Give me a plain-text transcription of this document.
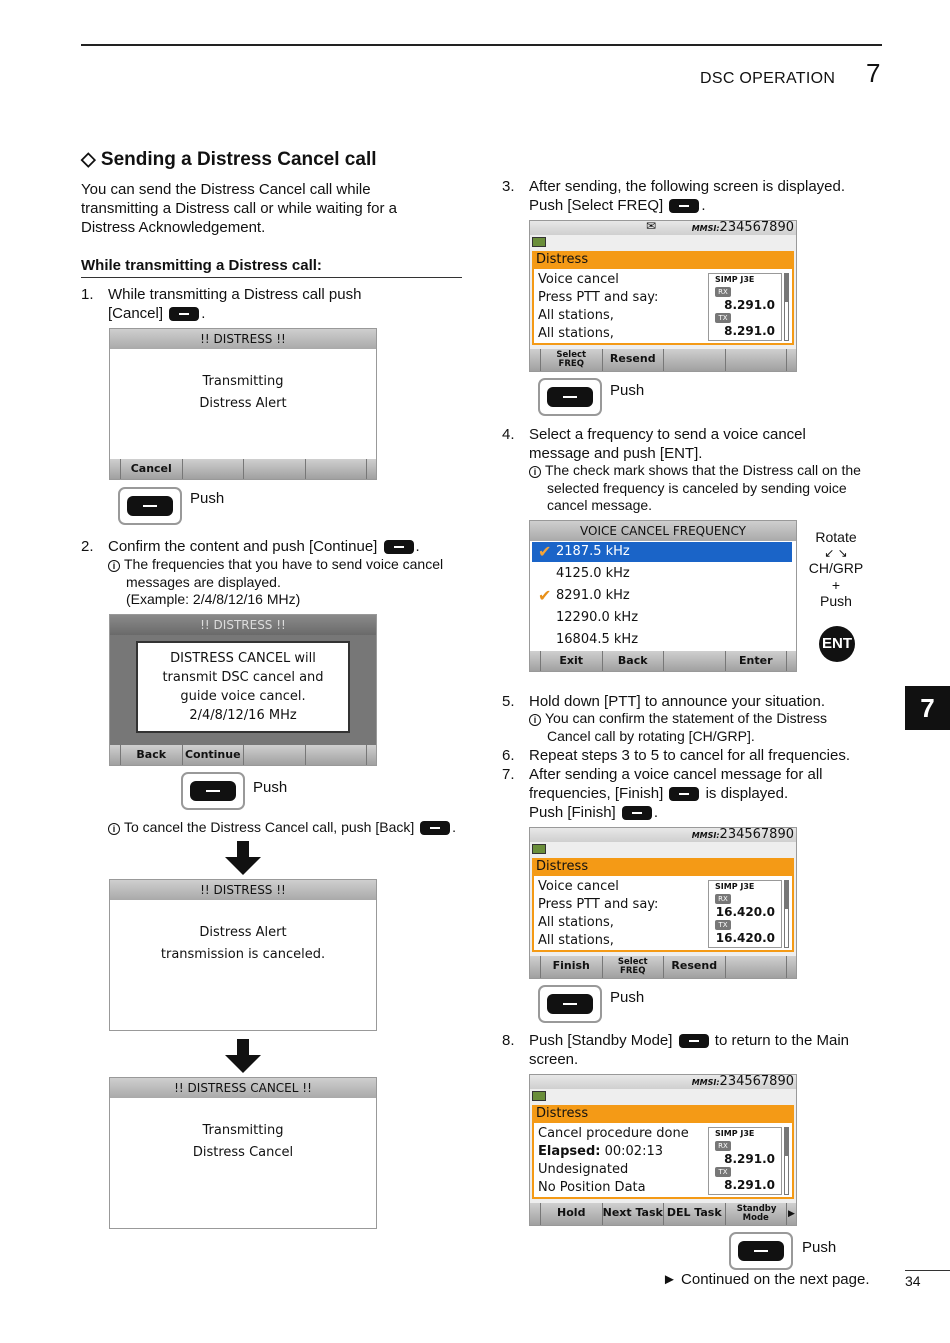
DSC OPERATION 7
7
◇ Sending a Distress Cancel call
You can send the Distress Cancel call while
transmitting a Distress call or while waiting for a
Distress Acknowledgement.
While transmitting a Distress call:
1. While transmitting a Distress call push
[Cancel]	.
!! DISTRESS !!
Transmitting
Distress Alert
Cancel
Push
2. Confirm the content and push [Continue]	.
i The frequencies that you have to send voice cancel
messages are displayed.
(Example: 2/4/8/12/16 MHz)
!! DISTRESS !!
DISTRESS CANCEL will
transmit DSC cancel and
guide voice cancel.
2/4/8/12/16 MHz
Back	Continue
Push
i To cancel the Distress Cancel call, push [Back]	.
!! DISTRESS !!
Distress Alert
transmission is canceled.
!! DISTRESS CANCEL !!
Transmitting
Distress Cancel
3. After sending, the following screen is displayed.
Push [Select FREQ]	.
✉	MMSI:234567890
Distress
Voice cancel
Press PTT and say:
All stations,
All stations,
SIMP J3E
RX
8.291.0
TX
8.291.0
Select FREQ	Resend
Push
4. Select a frequency to send a voice cancel
message and push [ENT].
i The check mark shows that the Distress call on the
selected frequency is canceled by sending voice
cancel message.
VOICE CANCEL FREQUENCY
✔ 2187.5 kHz
4125.0 kHz
✔ 8291.0 kHz
12290.0 kHz
16804.5 kHz
Exit	Back	Enter
Rotate
↙ ↘
CH/GRP
+
Push
ENT
5. Hold down [PTT] to announce your situation.
i You can confirm the statement of the Distress
Cancel call by rotating [CH/GRP].
6. Repeat steps 3 to 5 to cancel for all frequencies.
7. After sending a voice cancel message for all
frequencies, [Finish]	is displayed.
Push [Finish]	.
MMSI:234567890
Distress
Voice cancel
Press PTT and say:
All stations,
All stations,
SIMP J3E
RX
16.420.0
TX
16.420.0
Finish	Select FREQ	Resend
Push
8. Push [Standby Mode]	to return to the Main
screen.
MMSI:234567890
Distress
Cancel procedure done
Elapsed: 00:02:13
Undesignated
No Position Data
SIMP J3E
RX
8.291.0
TX
8.291.0
Hold	Next Task DEL Task	Standby Mode	▶
Push
► Continued on the next page.	34
